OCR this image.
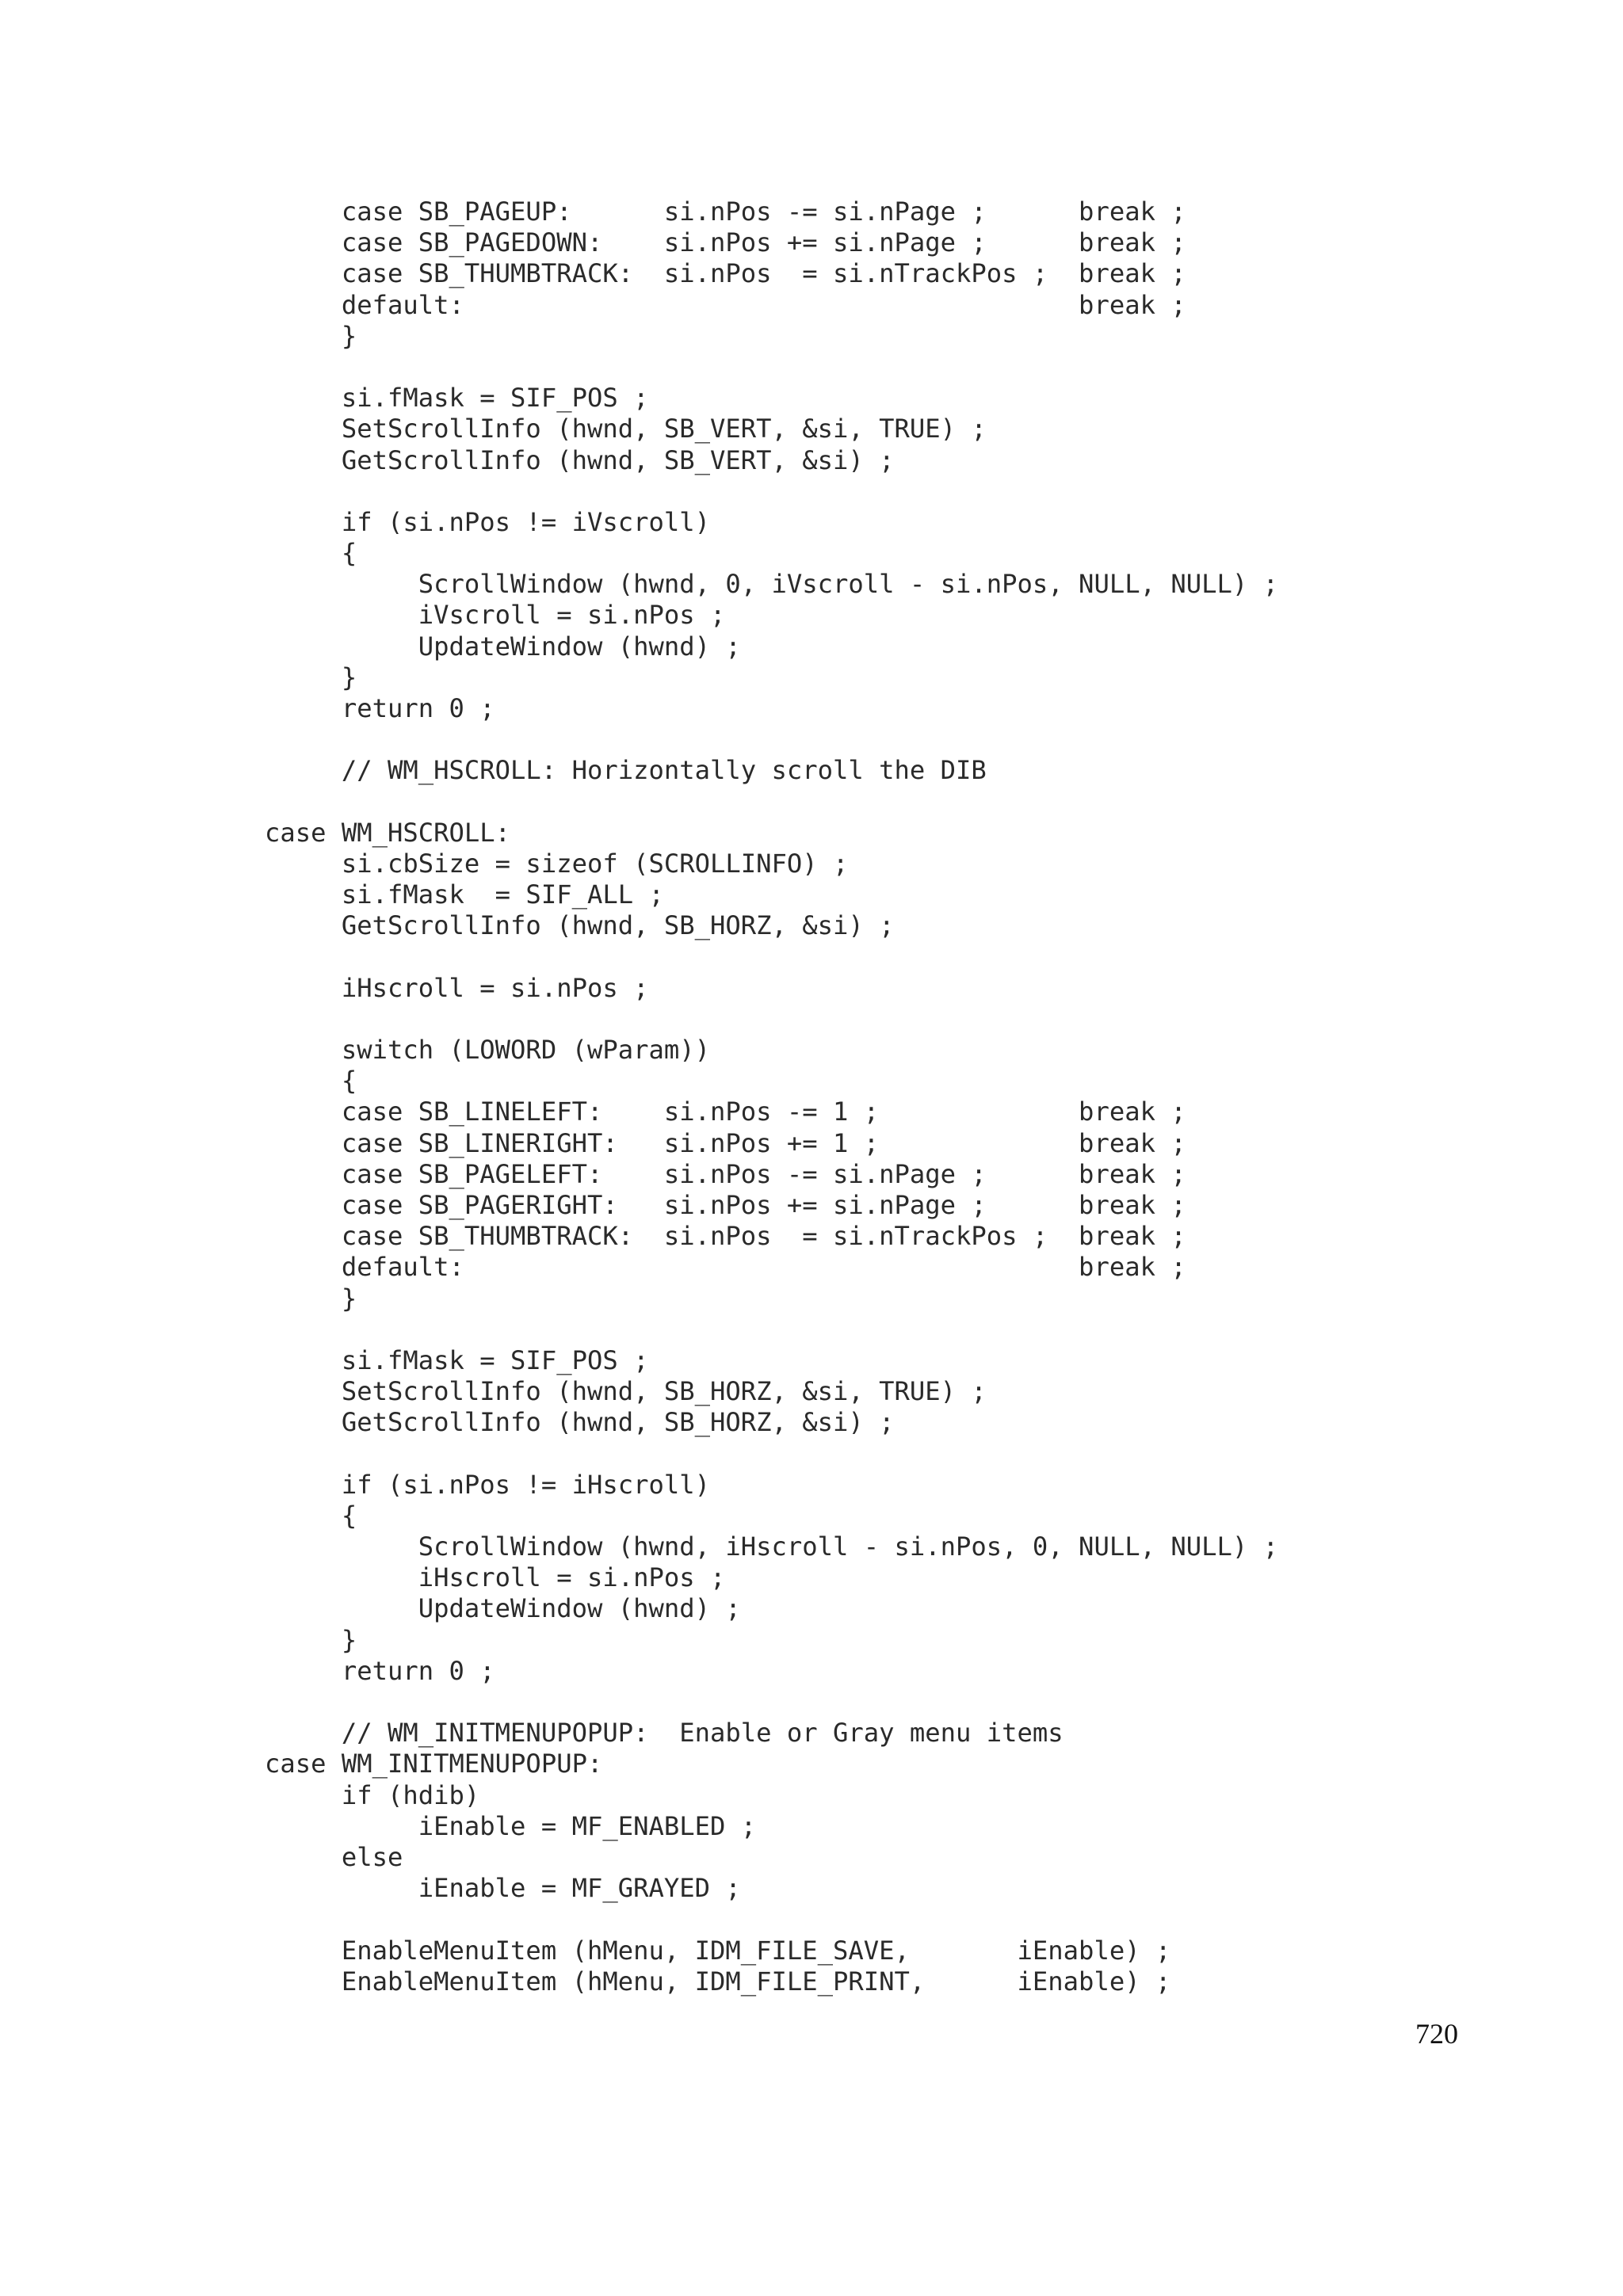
case SB_PAGEUP:      si.nPos -= si.nPage ;      break ;
case SB_PAGEDOWN:    si.nPos += si.nPage ;      break ;
case SB_THUMBTRACK:  si.nPos  = si.nTrackPos ;  break ;
default:                                        break ;
}
si.fMask = SIF_POS ;
SetScrollInfo (hwnd, SB_VERT, &si, TRUE) ;
GetScrollInfo (hwnd, SB_VERT, &si) ;
if (si.nPos != iVscroll)
{
ScrollWindow (hwnd, 0, iVscroll - si.nPos, NULL, NULL) ;
iVscroll = si.nPos ;
UpdateWindow (hwnd) ;
}
return 0 ;
// WM_HSCROLL: Horizontally scroll the DIB
case WM_HSCROLL:
si.cbSize = sizeof (SCROLLINFO) ;
si.fMask  = SIF_ALL ;
GetScrollInfo (hwnd, SB_HORZ, &si) ;
iHscroll = si.nPos ;
switch (LOWORD (wParam))
{
case SB_LINELEFT:    si.nPos -= 1 ;             break ;
case SB_LINERIGHT:   si.nPos += 1 ;             break ;
case SB_PAGELEFT:    si.nPos -= si.nPage ;      break ;
case SB_PAGERIGHT:   si.nPos += si.nPage ;      break ;
case SB_THUMBTRACK:  si.nPos  = si.nTrackPos ;  break ;
default:                                        break ;
}
si.fMask = SIF_POS ;
SetScrollInfo (hwnd, SB_HORZ, &si, TRUE) ;
GetScrollInfo (hwnd, SB_HORZ, &si) ;
if (si.nPos != iHscroll)
{
ScrollWindow (hwnd, iHscroll - si.nPos, 0, NULL, NULL) ;
iHscroll = si.nPos ;
UpdateWindow (hwnd) ;
}
return 0 ;
// WM_INITMENUPOPUP:  Enable or Gray menu items
case WM_INITMENUPOPUP:
if (hdib)
iEnable = MF_ENABLED ;
else
iEnable = MF_GRAYED ;
EnableMenuItem (hMenu, IDM_FILE_SAVE,       iEnable) ;
EnableMenuItem (hMenu, IDM_FILE_PRINT,      iEnable) ;
720
